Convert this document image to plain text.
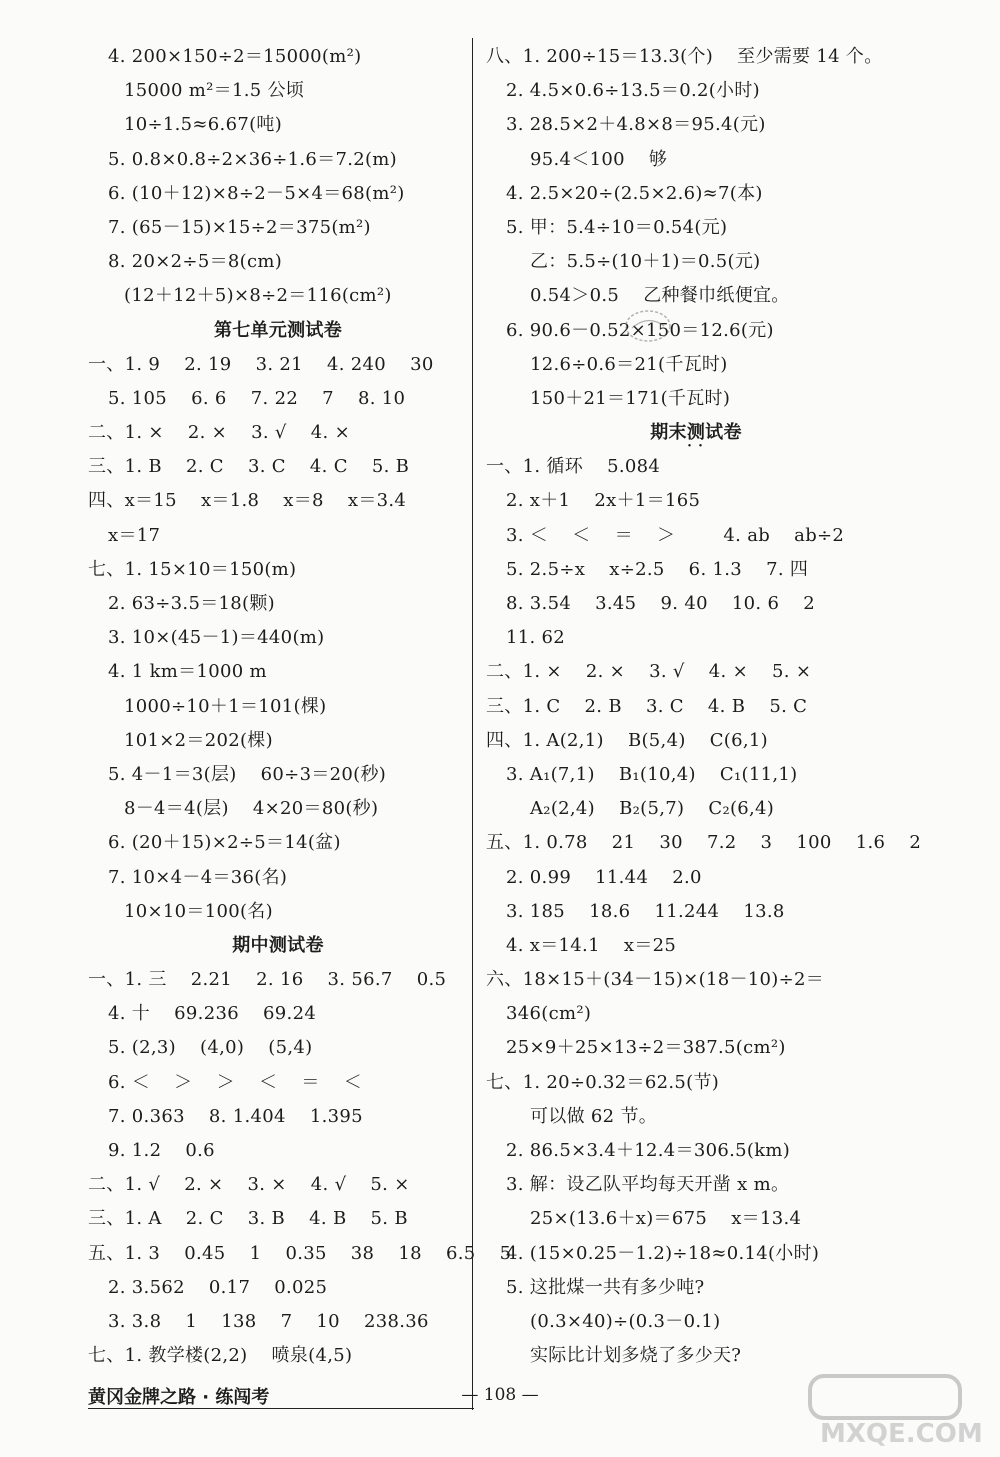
4. 200×150÷2＝15000(m²)
15000 m²＝1.5 公顷
10÷1.5≈6.67(吨)
5. 0.8×0.8÷2×36÷1.6＝7.2(m)
6. (10＋12)×8÷2－5×4＝68(m²)
7. (65－15)×15÷2＝375(m²)
8. 20×2÷5＝8(cm)
(12＋12＋5)×8÷2＝116(cm²)
第七单元测试卷
一、1. 9    2. 19    3. 21    4. 240    30
5. 105    6. 6    7. 22    7    8. 10
二、1. ×    2. ×    3. √    4. ×
三、1. B    2. C    3. C    4. C    5. B
四、x＝15    x＝1.8    x＝8    x＝3.4
x＝17
七、1. 15×10＝150(m)
2. 63÷3.5＝18(颗)
3. 10×(45－1)＝440(m)
4. 1 km＝1000 m
1000÷10＋1＝101(棵)
101×2＝202(棵)
5. 4－1＝3(层)    60÷3＝20(秒)
8－4＝4(层)    4×20＝80(秒)
6. (20＋15)×2÷5＝14(盆)
7. 10×4－4＝36(名)
10×10＝100(名)
期中测试卷
一、1. 三    2.21    2. 16    3. 56.7    0.5
4. 十    69.236    69.24
5. (2,3)    (4,0)    (5,4)
6. ＜    ＞    ＞    ＜    ＝    ＜
7. 0.363    8. 1.404    1.395
9. 1.2    0.6
二、1. √    2. ×    3. ×    4. √    5. ×
三、1. A    2. C    3. B    4. B    5. B
五、1. 3    0.45    1    0.35    38    18    6.5    5
2. 3.562    0.17    0.025
3. 3.8    1    138    7    10    238.36
七、1. 教学楼(2,2)    喷泉(4,5)
八、1. 200÷15＝13.3(个)    至少需要 14 个。
2. 4.5×0.6÷13.5＝0.2(小时)
3. 28.5×2＋4.8×8＝95.4(元)
95.4＜100    够
4. 2.5×20÷(2.5×2.6)≈7(本)
5. 甲：5.4÷10＝0.54(元)
乙：5.5÷(10＋1)＝0.5(元)
0.54＞0.5    乙种餐巾纸便宜。
6. 90.6－0.52×150＝12.6(元)
12.6÷0.6＝21(千瓦时)
150＋21＝171(千瓦时)
期末测试卷 • •
一、1. 循环    5.084
2. x＋1    2x＋1＝165
3. ＜    ＜    ＝    ＞        4. ab    ab÷2
5. 2.5÷x    x÷2.5    6. 1.3    7. 四
8. 3.54    3.45    9. 40    10. 6    2
11. 62
二、1. ×    2. ×    3. √    4. ×    5. ×
三、1. C    2. B    3. C    4. B    5. C
四、1. A(2,1)    B(5,4)    C(6,1)
3. A₁(7,1)    B₁(10,4)    C₁(11,1)
A₂(2,4)    B₂(5,7)    C₂(6,4)
五、1. 0.78    21    30    7.2    3    100    1.6    2
2. 0.99    11.44    2.0
3. 185    18.6    11.244    13.8
4. x＝14.1    x＝25
六、18×15＋(34－15)×(18－10)÷2＝
346(cm²)
25×9＋25×13÷2＝387.5(cm²)
七、1. 20÷0.32＝62.5(节)
可以做 62 节。
2. 86.5×3.4＋12.4＝306.5(km)
3. 解：设乙队平均每天开凿 x m。
25×(13.6＋x)＝675    x＝13.4
4. (15×0.25－1.2)÷18≈0.14(小时)
5. 这批煤一共有多少吨?
(0.3×40)÷(0.3－0.1)
实际比计划多烧了多少天?
黄冈金牌之路 · 练闯考	— 108 —
MXQE.COM
